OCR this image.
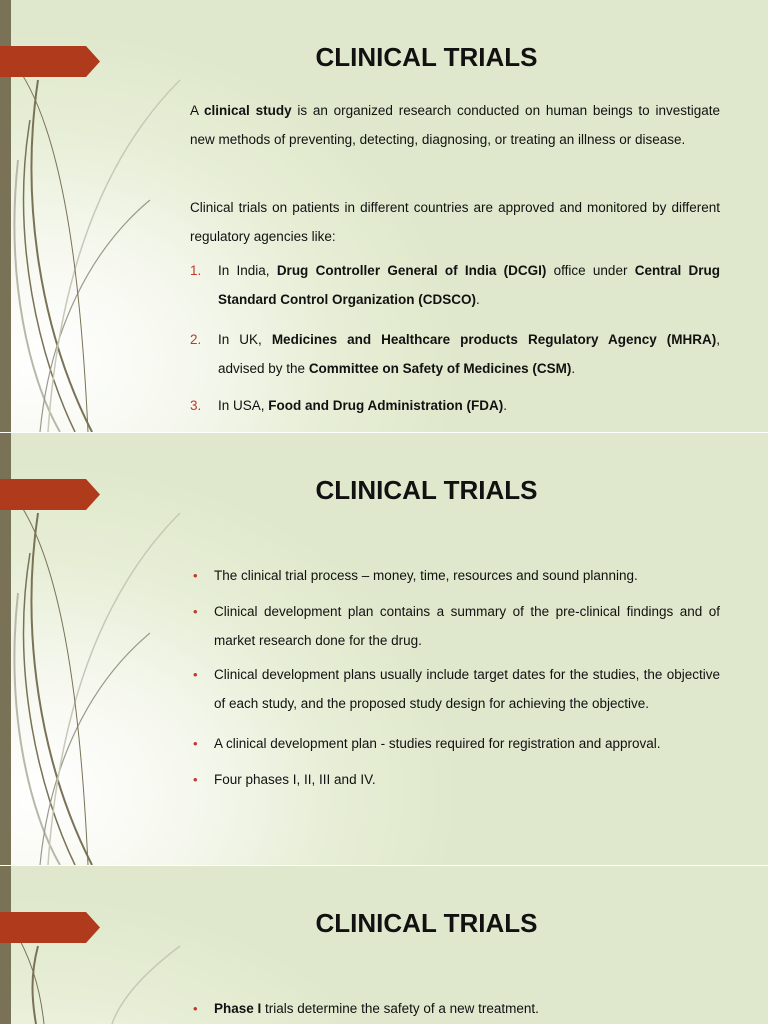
CLINICAL TRIALS
A clinical study is an organized research conducted on human beings to investigate new methods of preventing, detecting, diagnosing, or treating an illness or disease.
Clinical trials on patients in different countries are approved and monitored by different regulatory agencies like:
1. In India, Drug Controller General of India (DCGI) office under Central Drug Standard Control Organization (CDSCO).
2. In UK, Medicines and Healthcare products Regulatory Agency (MHRA), advised by the Committee on Safety of Medicines (CSM).
3. In USA, Food and Drug Administration (FDA).
CLINICAL TRIALS
• The clinical trial process – money, time, resources and sound planning.
• Clinical development plan contains a summary of the pre-clinical findings and of market research done for the drug.
• Clinical development plans usually include target dates for the studies, the objective of each study, and the proposed study design for achieving the objective.
• A clinical development plan - studies required for registration and approval.
• Four phases I, II, III and IV.
CLINICAL TRIALS
• Phase I trials determine the safety of a new treatment.
